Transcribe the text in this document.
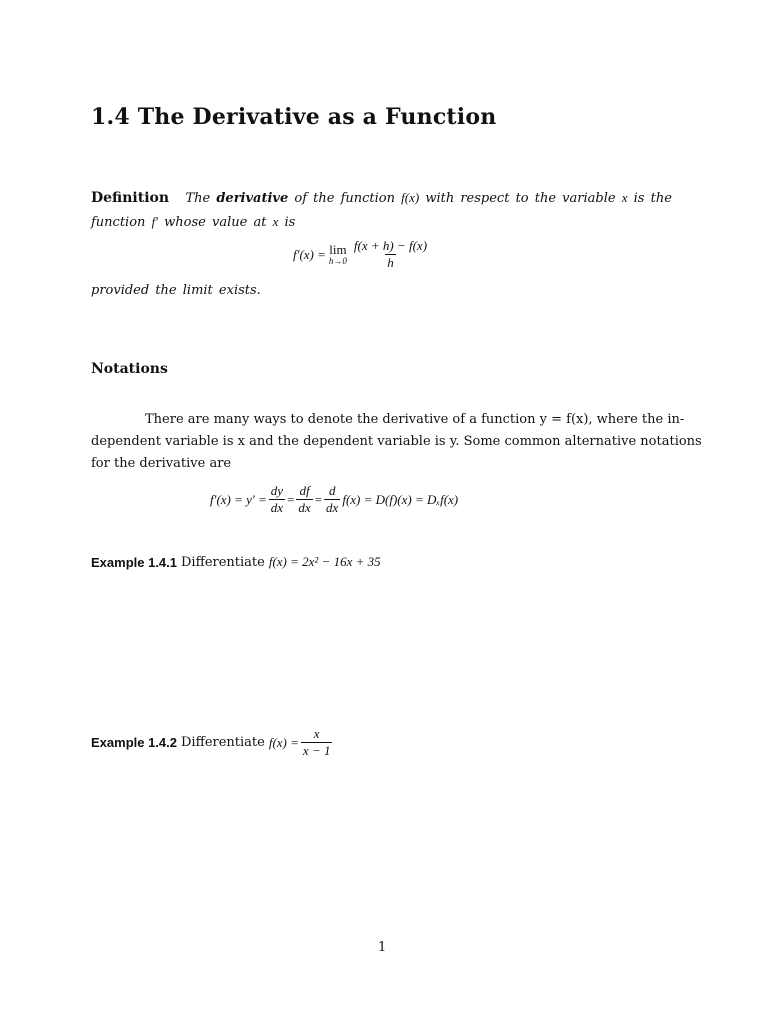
1.4 The Derivative as a Function
Definition The derivative of the function f(x) with respect to the variable x is the
function f′ whose value at x is
f′(x) = lim
$h\to 0 \frac{f(x + h) - f(x)}{h}$
provided the limit exists.
Notations
There are many ways to denote the derivative of a function y = f(x), where the in-
dependent variable is x and the dependent variable is y. Some common alternative notations
for the derivative are
$f'(x) = y' = \frac{dy}{dx} = \frac{df}{dx} = \frac{d}{dx} f(x) = D(f)(x) = D_xf(x)$
Example 1.4.1 Differentiate f(x) = 2x² − 16x + 35
Example 1.4.2 Differentiate $f(x) = \frac{x}{x - 1}$
1
